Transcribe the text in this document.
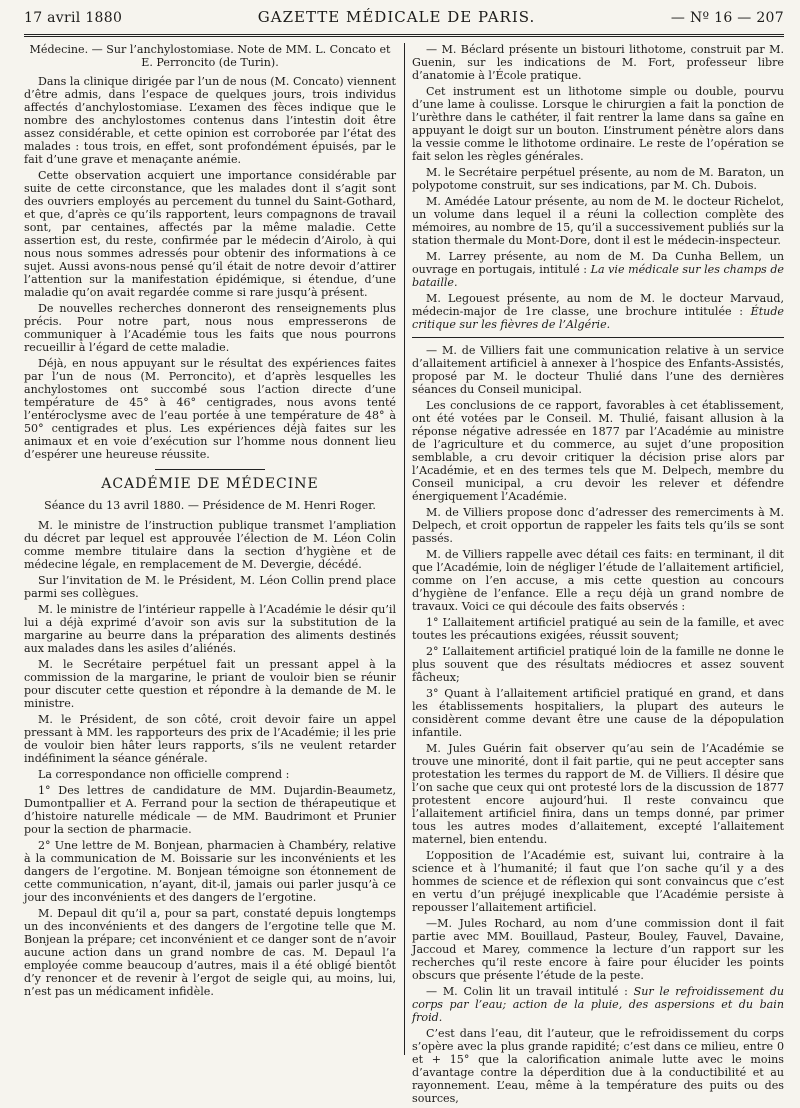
17 avril 1880	GAZETTE MÉDICALE DE PARIS.	— Nº 16 — 207

Médecine. — Sur l’anchylostomiase. Note de MM. L. Concato et E. Perroncito (de Turin).

Dans la clinique dirigée par l’un de nous (M. Concato) viennent d’être admis, dans l’espace de quelques jours, trois individus affectés d’anchylostomiase. L’examen des fèces indique que le nombre des anchylostomes contenus dans l’intestin doit être assez considérable, et cette opinion est corroborée par l’état des malades : tous trois, en effet, sont profondément épuisés, par le fait d’une grave et menaçante anémie.

Cette observation acquiert une importance considérable par suite de cette circonstance, que les malades dont il s’agit sont des ouvriers employés au percement du tunnel du Saint-Gothard, et que, d’après ce qu’ils rapportent, leurs compagnons de travail sont, par centaines, affectés par la même maladie. Cette assertion est, du reste, confirmée par le médecin d’Airolo, à qui nous nous sommes adressés pour obtenir des informations à ce sujet. Aussi avons-nous pensé qu’il était de notre devoir d’attirer l’attention sur la manifestation épidémique, si étendue, d’une maladie qu’on avait regardée comme si rare jusqu’à présent.

De nouvelles recherches donneront des renseignements plus précis. Pour notre part, nous nous empresserons de communiquer à l’Académie tous les faits que nous pourrons recueillir à l’égard de cette maladie.

Déjà, en nous appuyant sur le résultat des expériences faites par l’un de nous (M. Perroncito), et d’après lesquelles les anchylostomes ont succombé sous l’action directe d’une température de 45° à 46° centigrades, nous avons tenté l’entéroclysme avec de l’eau portée à une température de 48° à 50° centigrades et plus. Les expériences déjà faites sur les animaux et en voie d’exécution sur l’homme nous donnent lieu d’espérer une heureuse réussite.

ACADÉMIE DE MÉDECINE

Séance du 13 avril 1880. — Présidence de M. Henri Roger.

M. le ministre de l’instruction publique transmet l’ampliation du décret par lequel est approuvée l’élection de M. Léon Colin comme membre titulaire dans la section d’hygiène et de médecine légale, en remplacement de M. Devergie, décédé.

Sur l’invitation de M. le Président, M. Léon Collin prend place parmi ses collègues.

M. le ministre de l’intérieur rappelle à l’Académie le désir qu’il lui a déjà exprimé d’avoir son avis sur la substitution de la margarine au beurre dans la préparation des aliments destinés aux malades dans les asiles d’aliénés.

M. le Secrétaire perpétuel fait un pressant appel à la commission de la margarine, le priant de vouloir bien se réunir pour discuter cette question et répondre à la demande de M. le ministre.

M. le Président, de son côté, croit devoir faire un appel pressant à MM. les rapporteurs des prix de l’Académie; il les prie de vouloir bien hâter leurs rapports, s’ils ne veulent retarder indéfiniment la séance générale.

La correspondance non officielle comprend :

1° Des lettres de candidature de MM. Dujardin-Beaumetz, Dumontpallier et A. Ferrand pour la section de thérapeutique et d’histoire naturelle médicale — de MM. Baudrimont et Prunier pour la section de pharmacie.

2° Une lettre de M. Bonjean, pharmacien à Chambéry, relative à la communication de M. Boissarie sur les inconvénients et les dangers de l’ergotine. M. Bonjean témoigne son étonnement de cette communication, n’ayant, dit-il, jamais oui parler jusqu’à ce jour des inconvénients et des dangers de l’ergotine.

M. Depaul dit qu’il a, pour sa part, constaté depuis longtemps un des inconvénients et des dangers de l’ergotine telle que M. Bonjean la prépare; cet inconvénient et ce danger sont de n’avoir aucune action dans un grand nombre de cas. M. Depaul l’a employée comme beaucoup d’autres, mais il a été obligé bientôt d’y renoncer et de revenir à l’ergot de seigle qui, au moins, lui, n’est pas un médicament infidèle.

— M. Béclard présente un bistouri lithotome, construit par M. Guenin, sur les indications de M. Fort, professeur libre d’anatomie à l’École pratique.

Cet instrument est un lithotome simple ou double, pourvu d’une lame à coulisse. Lorsque le chirurgien a fait la ponction de l’urèthre dans le cathéter, il fait rentrer la lame dans sa gaîne en appuyant le doigt sur un bouton. L’instrument pénètre alors dans la vessie comme le lithotome ordinaire. Le reste de l’opération se fait selon les règles générales.

M. le Secrétaire perpétuel présente, au nom de M. Baraton, un polypotome construit, sur ses indications, par M. Ch. Dubois.

M. Amédée Latour présente, au nom de M. le docteur Richelot, un volume dans lequel il a réuni la collection complète des mémoires, au nombre de 15, qu’il a successivement publiés sur la station thermale du Mont-Dore, dont il est le médecin-inspecteur.

M. Larrey présente, au nom de M. Da Cunha Bellem, un ouvrage en portugais, intitulé : La vie médicale sur les champs de bataille.

M. Legouest présente, au nom de M. le docteur Marvaud, médecin-major de 1re classe, une brochure intitulée : Étude critique sur les fièvres de l’Algérie.

— M. de Villiers fait une communication relative à un service d’allaitement artificiel à annexer à l’hospice des Enfants-Assistés, proposé par M. le docteur Thulié dans l’une des dernières séances du Conseil municipal.

Les conclusions de ce rapport, favorables à cet établissement, ont été votées par le Conseil. M. Thulié, faisant allusion à la réponse négative adressée en 1877 par l’Académie au ministre de l’agriculture et du commerce, au sujet d’une proposition semblable, a cru devoir critiquer la décision prise alors par l’Académie, et en des termes tels que M. Delpech, membre du Conseil municipal, a cru devoir les relever et défendre énergiquement l’Académie.

M. de Villiers propose donc d’adresser des remerciments à M. Delpech, et croit opportun de rappeler les faits tels qu’ils se sont passés.

M. de Villiers rappelle avec détail ces faits: en terminant, il dit que l’Académie, loin de négliger l’étude de l’allaitement artificiel, comme on l’en accuse, a mis cette question au concours d’hygiène de l’enfance. Elle a reçu déjà un grand nombre de travaux. Voici ce qui découle des faits observés :

1° L’allaitement artificiel pratiqué au sein de la famille, et avec toutes les précautions exigées, réussit souvent;

2° L’allaitement artificiel pratiqué loin de la famille ne donne le plus souvent que des résultats médiocres et assez souvent fâcheux;

3° Quant à l’allaitement artificiel pratiqué en grand, et dans les établissements hospitaliers, la plupart des auteurs le considèrent comme devant être une cause de la dépopulation infantile.

M. Jules Guérin fait observer qu’au sein de l’Académie se trouve une minorité, dont il fait partie, qui ne peut accepter sans protestation les termes du rapport de M. de Villiers. Il désire que l’on sache que ceux qui ont protesté lors de la discussion de 1877 protestent encore aujourd’hui. Il reste convaincu que l’allaitement artificiel finira, dans un temps donné, par primer tous les autres modes d’allaitement, excepté l’allaitement maternel, bien entendu.

L’opposition de l’Académie est, suivant lui, contraire à la science et à l’humanité; il faut que l’on sache qu’il y a des hommes de science et de réflexion qui sont convaincus que c’est en vertu d’un préjugé inexplicable que l’Académie persiste à repousser l’allaitement artificiel.

—M. Jules Rochard, au nom d’une commission dont il fait partie avec MM. Bouillaud, Pasteur, Bouley, Fauvel, Davaine, Jaccoud et Marey, commence la lecture d’un rapport sur les recherches qu’il reste encore à faire pour élucider les points obscurs que présente l’étude de la peste.

— M. Colin lit un travail intitulé : Sur le refroidissement du corps par l’eau; action de la pluie, des aspersions et du bain froid.

C’est dans l’eau, dit l’auteur, que le refroidissement du corps s’opère avec la plus grande rapidité; c’est dans ce milieu, entre 0 et + 15° que la calorification animale lutte avec le moins d’avantage contre la déperdition due à la conductibilité et au rayonnement. L’eau, même à la température des puits ou des sources,
